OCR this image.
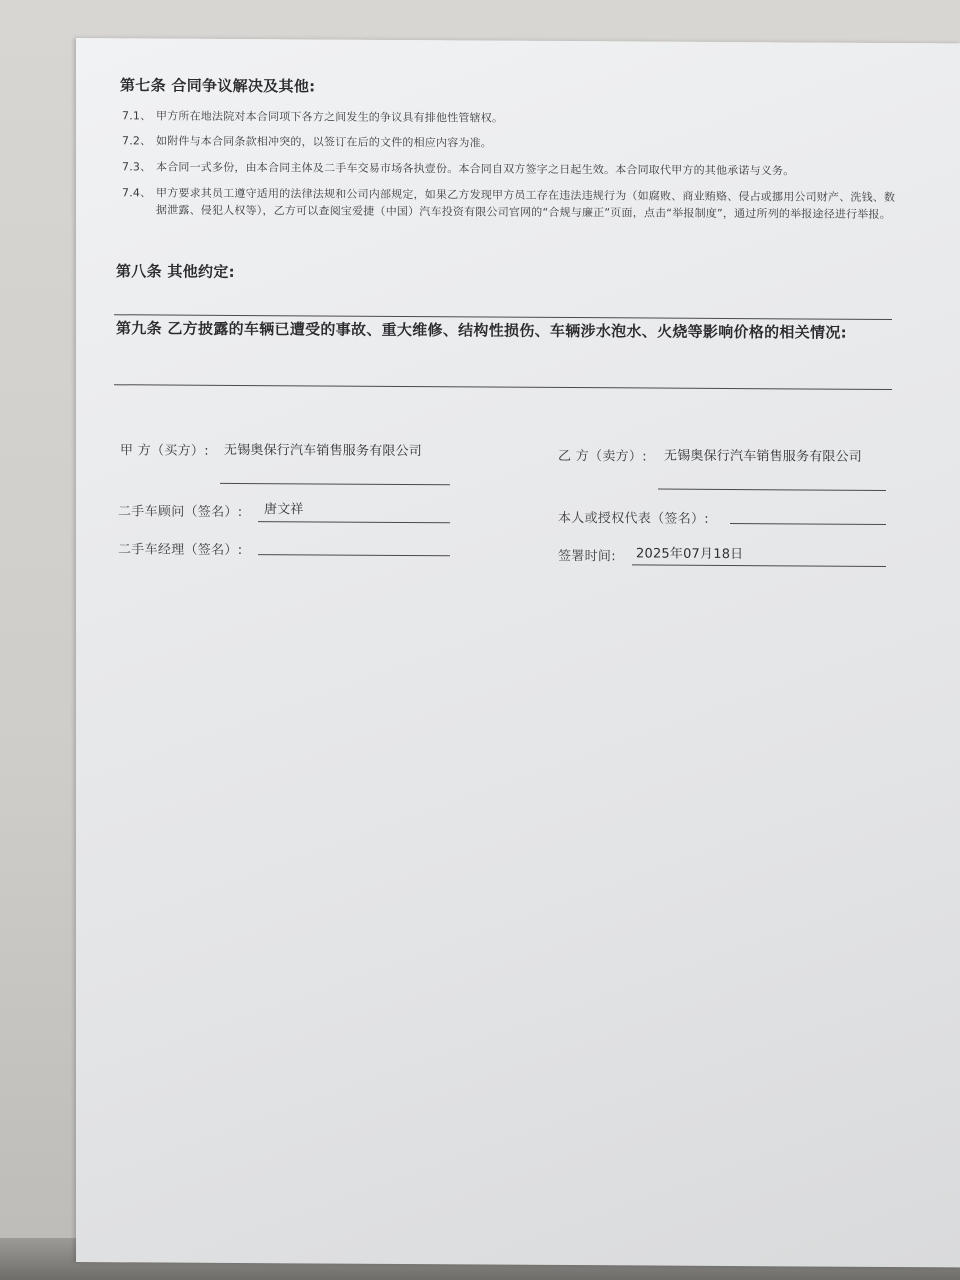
第七条 合同争议解决及其他:
7.1、 甲方所在地法院对本合同项下各方之间发生的争议具有排他性管辖权。
7.2、 如附件与本合同条款相冲突的，以签订在后的文件的相应内容为准。
7.3、 本合同一式多份，由本合同主体及二手车交易市场各执壹份。本合同自双方签字之日起生效。本合同取代甲方的其他承诺与义务。
7.4、 甲方要求其员工遵守适用的法律法规和公司内部规定，如果乙方发现甲方员工存在违法违规行为（如腐败、商业贿赂、侵占或挪用公司财产、洗钱、数据泄露、侵犯人权等），乙方可以查阅宝爱捷（中国）汽车投资有限公司官网的“合规与廉正”页面，点击“举报制度”，通过所列的举报途径进行举报。
第八条 其他约定:
第九条 乙方披露的车辆已遭受的事故、重大维修、结构性损伤、车辆涉水泡水、火烧等影响价格的相关情况:
甲 方（买方）: 无锡奥保行汽车销售服务有限公司
二手车顾问（签名）: 唐文祥
二手车经理（签名）:
乙 方（卖方）: 无锡奥保行汽车销售服务有限公司
本人或授权代表（签名）:
签署时间: 2025年07月18日
